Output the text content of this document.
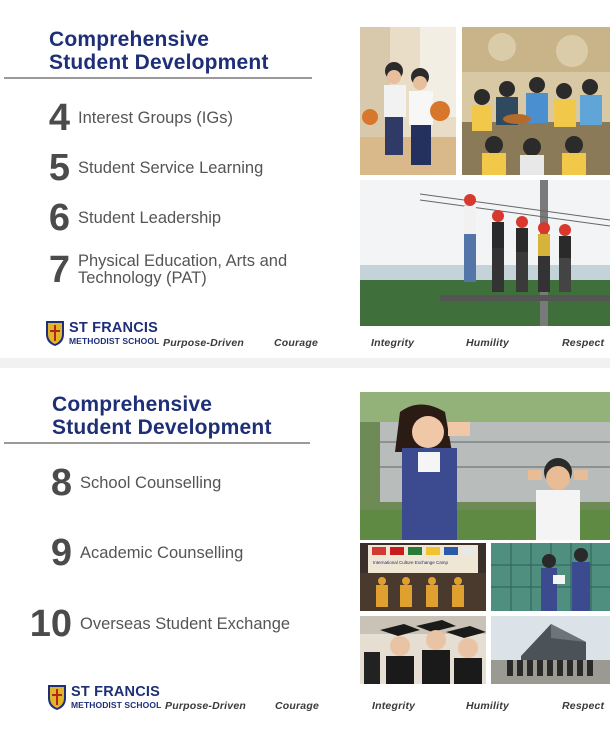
Comprehensive
Student Development
4 Interest Groups (IGs)
5 Student Service Learning
6 Student Leadership
7 Physical Education, Arts and
Technology (PAT)
ST FRANCIS
METHODIST SCHOOL Purpose-Driven	Courage	Integrity	Humility	Respect
Comprehensive
Student Development
8 School Counselling
9 Academic Counselling
10 Overseas Student Exchange
ST FRANCIS
METHODIST SCHOOL Purpose-Driven	Courage	Integrity	Humility	Respect
International Culture Exchange Camp
